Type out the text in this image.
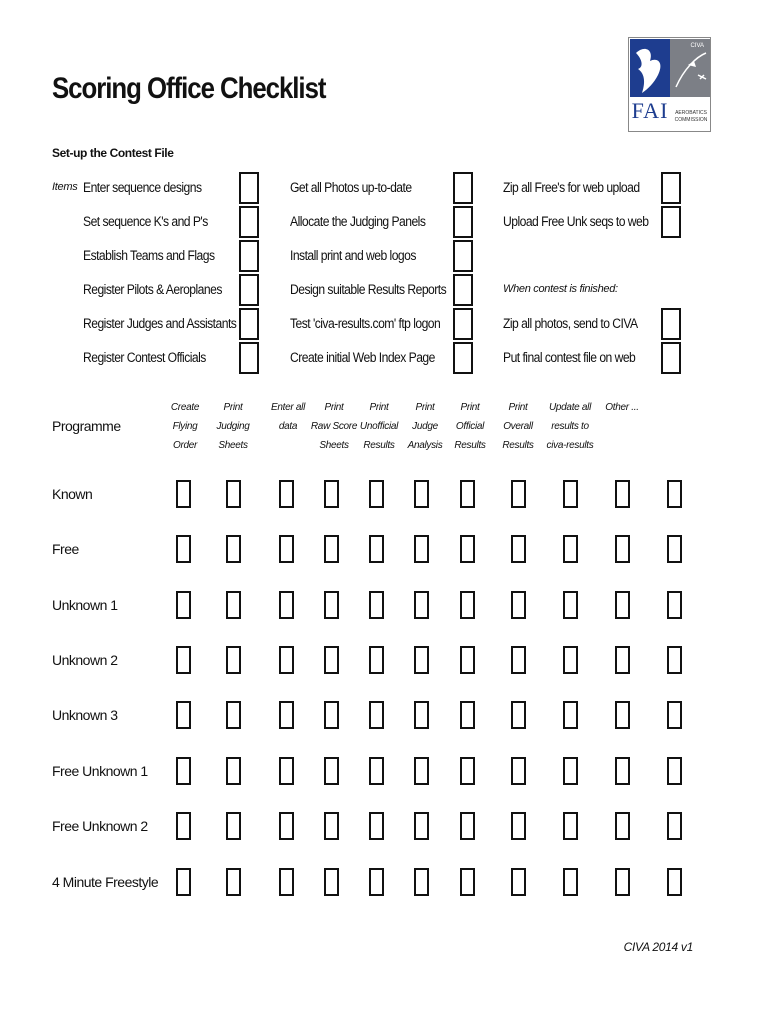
Scoring Office Checklist
CIVA
FAI	AEROBATICS COMMISSION
Set-up the Contest File
Items Enter sequence designs
Set sequence K's and P's
Establish Teams and Flags
Register Pilots & Aeroplanes
Register Judges and Assistants
Register Contest Officials
Get all Photos up-to-date
Allocate the Judging Panels
Install print and web logos
Design suitable Results Reports
Test 'civa-results.com' ftp logon
Create initial Web Index Page
Zip all Free's for web upload
Upload Free Unk seqs to web
When contest is finished:
Zip all photos, send to CIVA
Put final contest file on web
Programme
Create
Flying
Order
Print
Judging
Sheets
Enter all
data
Print
Raw Score
Sheets
Print
Unofficial
Results
Print
Judge
Analysis
Print
Official
Results
Print
Overall
Results
Update all
results to
civa-results
Other ...
Known
Free
Unknown 1
Unknown 2
Unknown 3
Free Unknown 1
Free Unknown 2
4 Minute Freestyle
CIVA 2014 v1
